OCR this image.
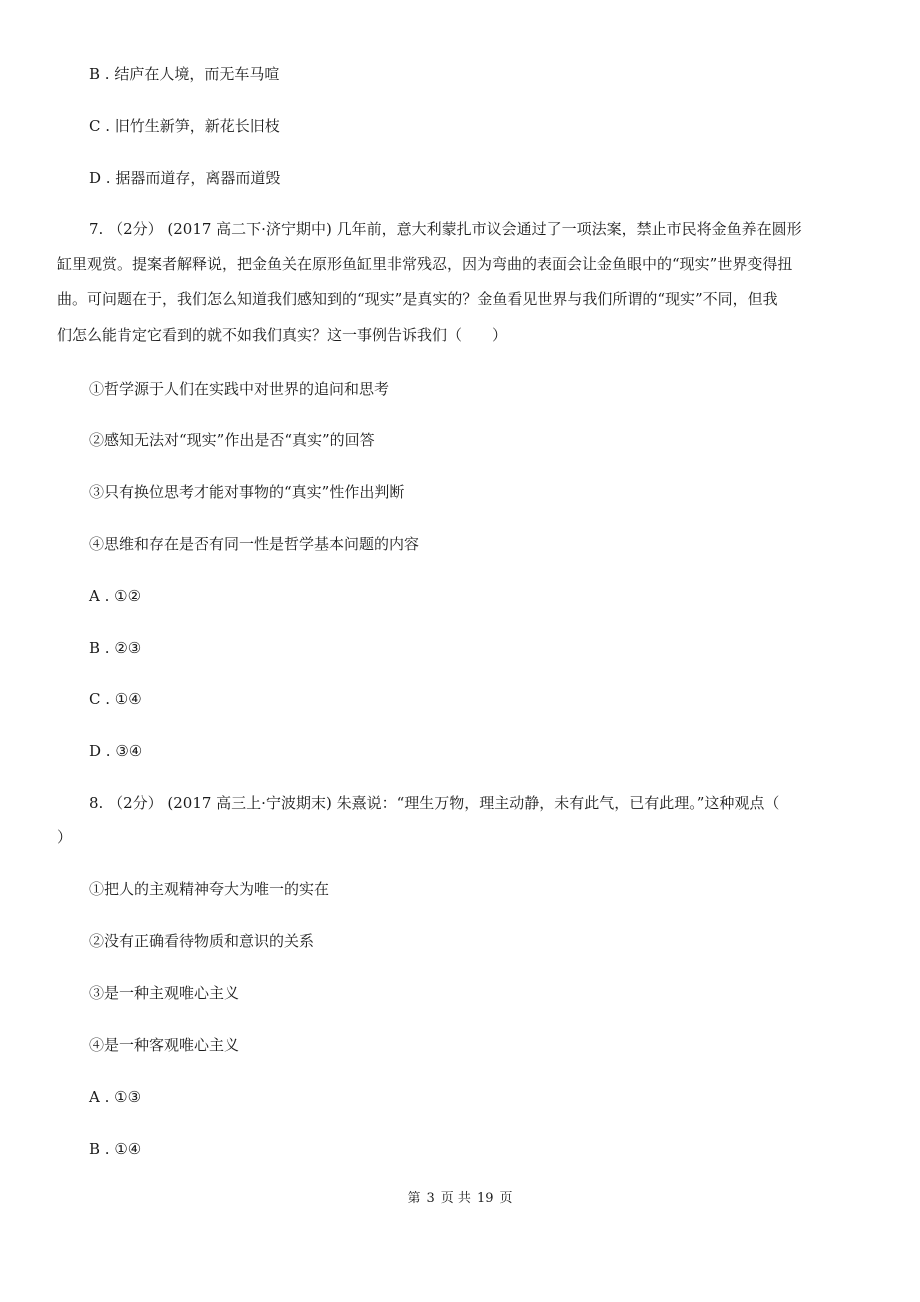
B . 结庐在人境，而无车马喧
C . 旧竹生新笋，新花长旧枝
D . 据器而道存，离器而道毁
7. （2分） (2017 高二下·济宁期中) 几年前，意大利蒙扎市议会通过了一项法案，禁止市民将金鱼养在圆形
缸里观赏。提案者解释说，把金鱼关在原形鱼缸里非常残忍，因为弯曲的表面会让金鱼眼中的“现实”世界变得扭
曲。可问题在于，我们怎么知道我们感知到的“现实”是真实的？金鱼看见世界与我们所谓的“现实”不同，但我
们怎么能肯定它看到的就不如我们真实？这一事例告诉我们（　　）
①哲学源于人们在实践中对世界的追问和思考
②感知无法对“现实”作出是否“真实”的回答
③只有换位思考才能对事物的“真实”性作出判断
④思维和存在是否有同一性是哲学基本问题的内容
A . ①②
B . ②③
C . ①④
D . ③④
8. （2分） (2017 高三上·宁波期末) 朱熹说：“理生万物，理主动静，未有此气，已有此理。”这种观点（
）
①把人的主观精神夸大为唯一的实在
②没有正确看待物质和意识的关系
③是一种主观唯心主义
④是一种客观唯心主义
A . ①③
B . ①④
第 3 页 共 19 页
